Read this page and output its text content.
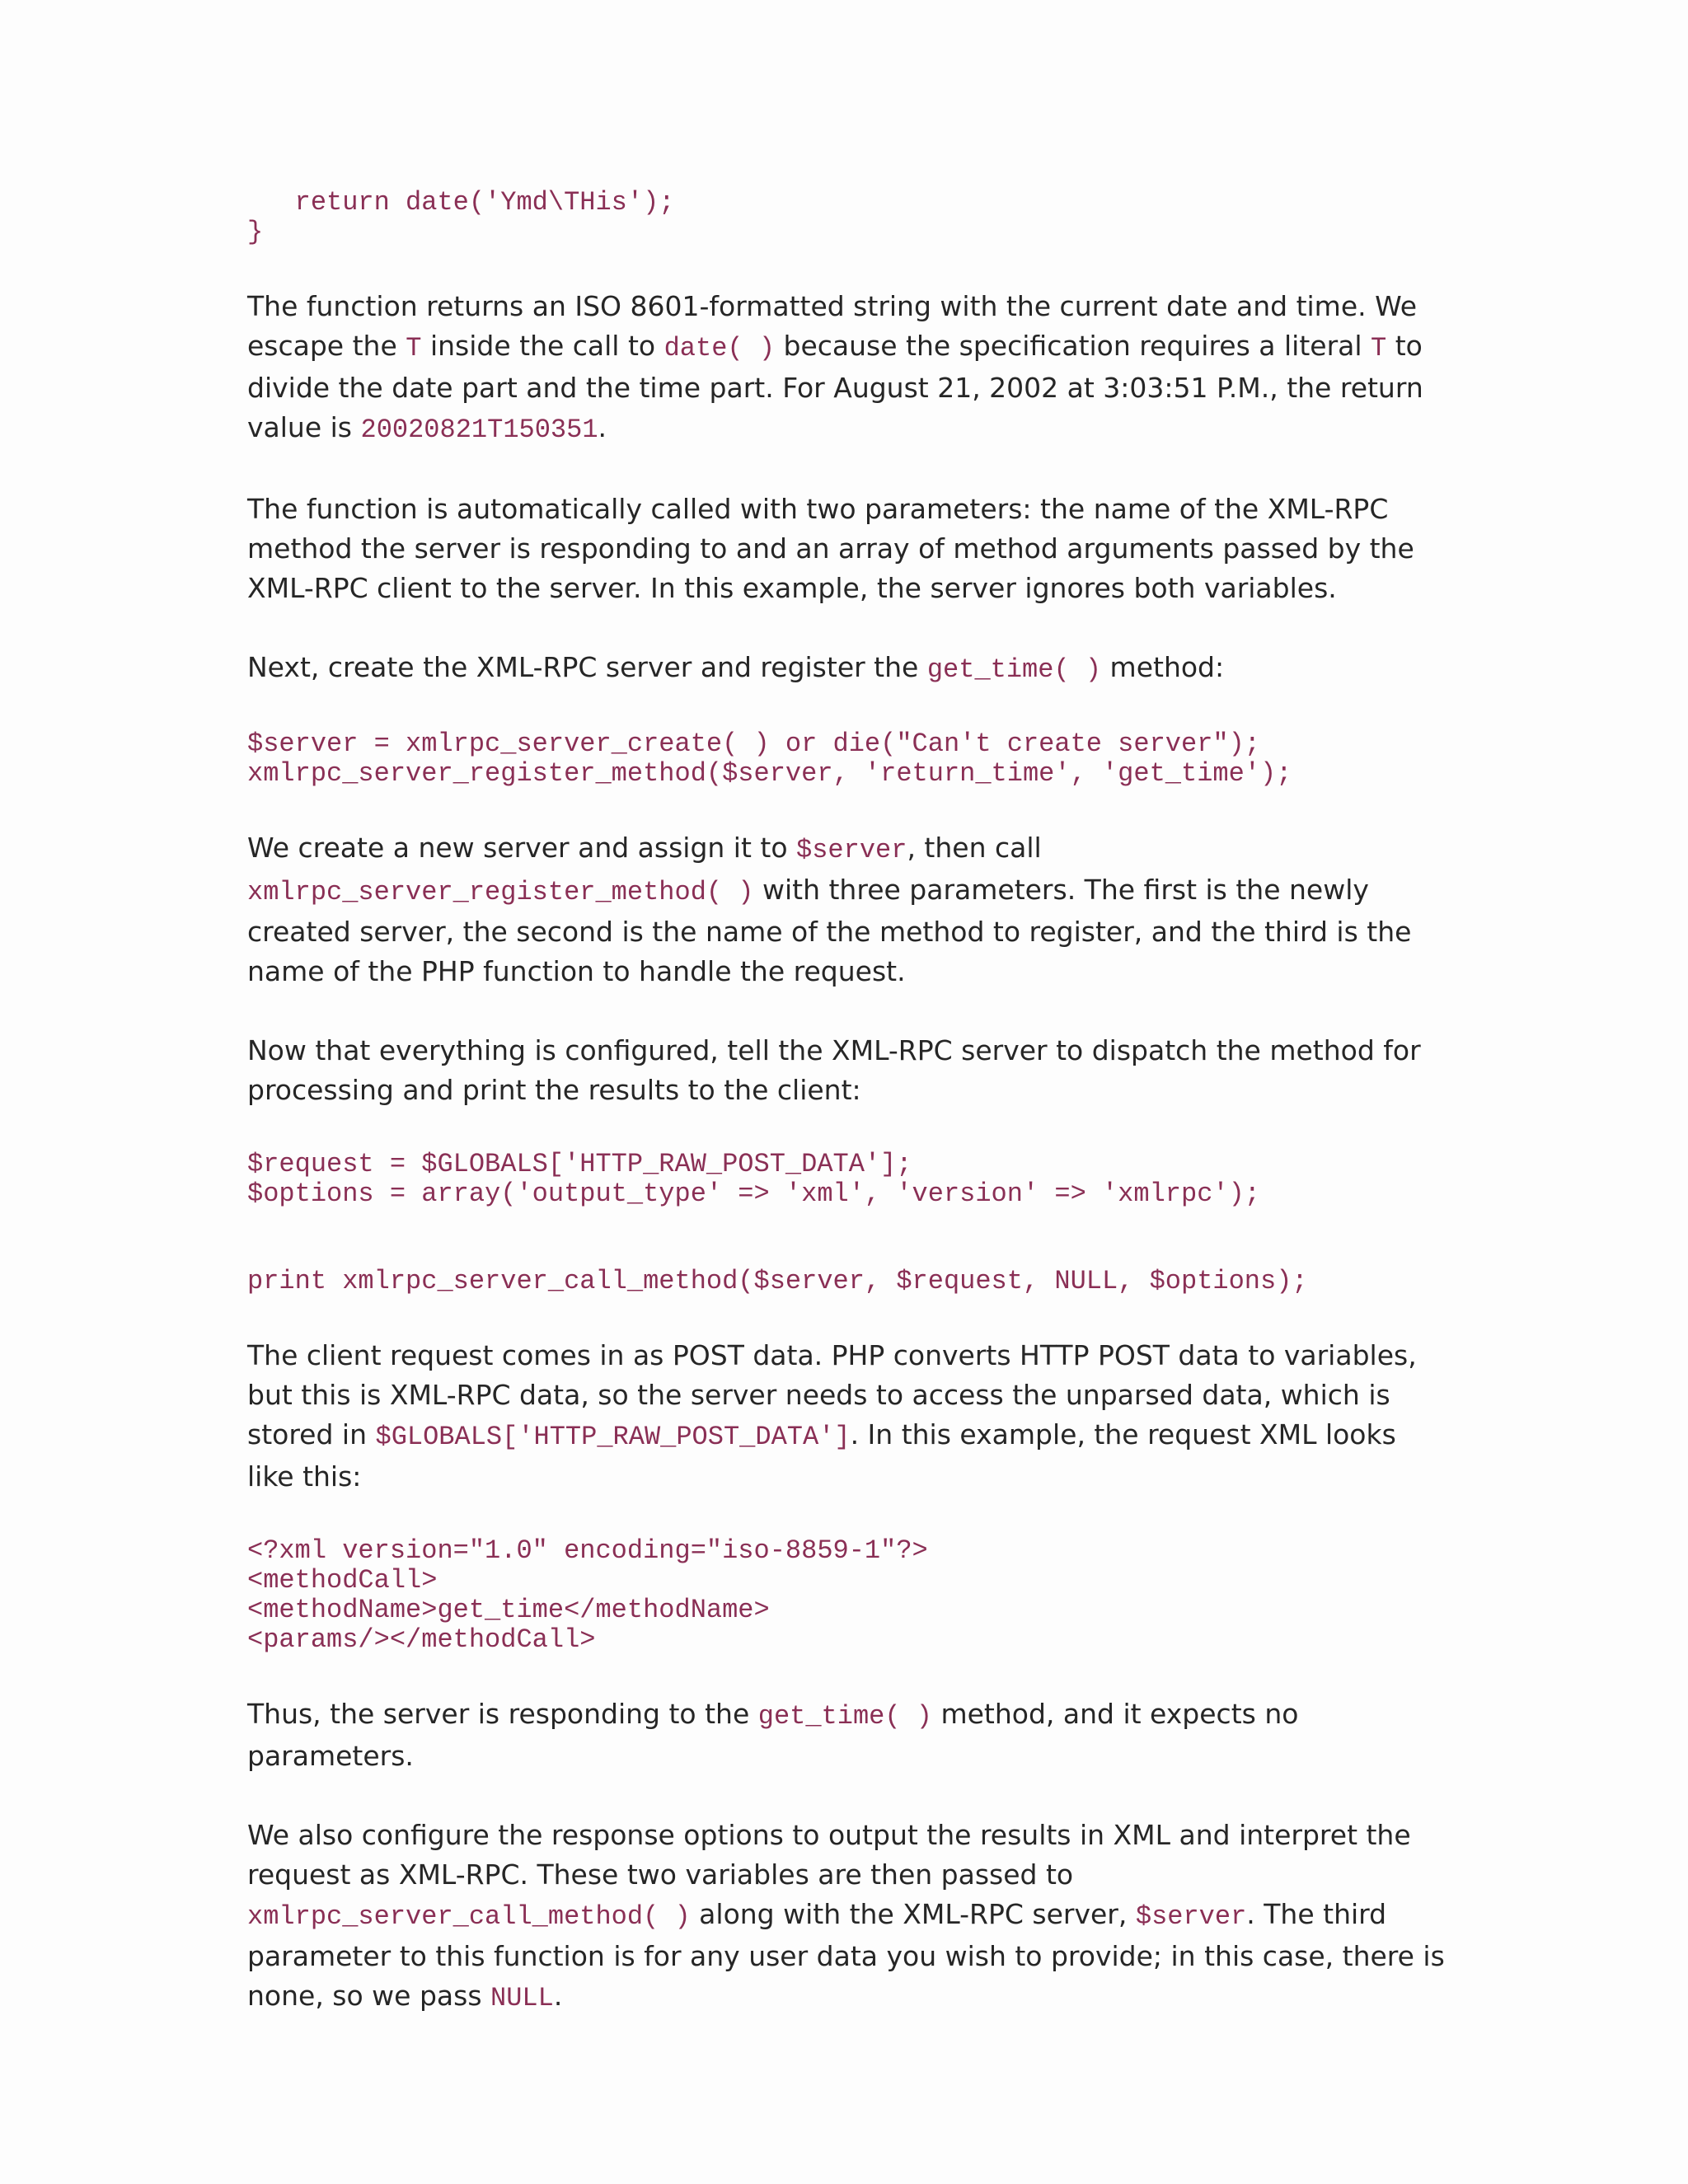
return date('Ymd\THis');
}

The function returns an ISO 8601-formatted string with the current date and time. We escape the T inside the call to date( ) because the specification requires a literal T to divide the date part and the time part. For August 21, 2002 at 3:03:51 P.M., the return value is 20020821T150351.

The function is automatically called with two parameters: the name of the XML-RPC method the server is responding to and an array of method arguments passed by the XML-RPC client to the server. In this example, the server ignores both variables.

Next, create the XML-RPC server and register the get_time( ) method:

$server = xmlrpc_server_create( ) or die("Can't create server");
xmlrpc_server_register_method($server, 'return_time', 'get_time');

We create a new server and assign it to $server, then call xmlrpc_server_register_method( ) with three parameters. The first is the newly created server, the second is the name of the method to register, and the third is the name of the PHP function to handle the request.

Now that everything is configured, tell the XML-RPC server to dispatch the method for processing and print the results to the client:

$request = $GLOBALS['HTTP_RAW_POST_DATA'];
$options = array('output_type' => 'xml', 'version' => 'xmlrpc');

print xmlrpc_server_call_method($server, $request, NULL, $options);

The client request comes in as POST data. PHP converts HTTP POST data to variables, but this is XML-RPC data, so the server needs to access the unparsed data, which is stored in $GLOBALS['HTTP_RAW_POST_DATA']. In this example, the request XML looks like this:

<?xml version="1.0" encoding="iso-8859-1"?>
<methodCall>
<methodName>get_time</methodName>
<params/></methodCall>

Thus, the server is responding to the get_time( ) method, and it expects no parameters.

We also configure the response options to output the results in XML and interpret the request as XML-RPC. These two variables are then passed to xmlrpc_server_call_method( ) along with the XML-RPC server, $server. The third parameter to this function is for any user data you wish to provide; in this case, there is none, so we pass NULL.
